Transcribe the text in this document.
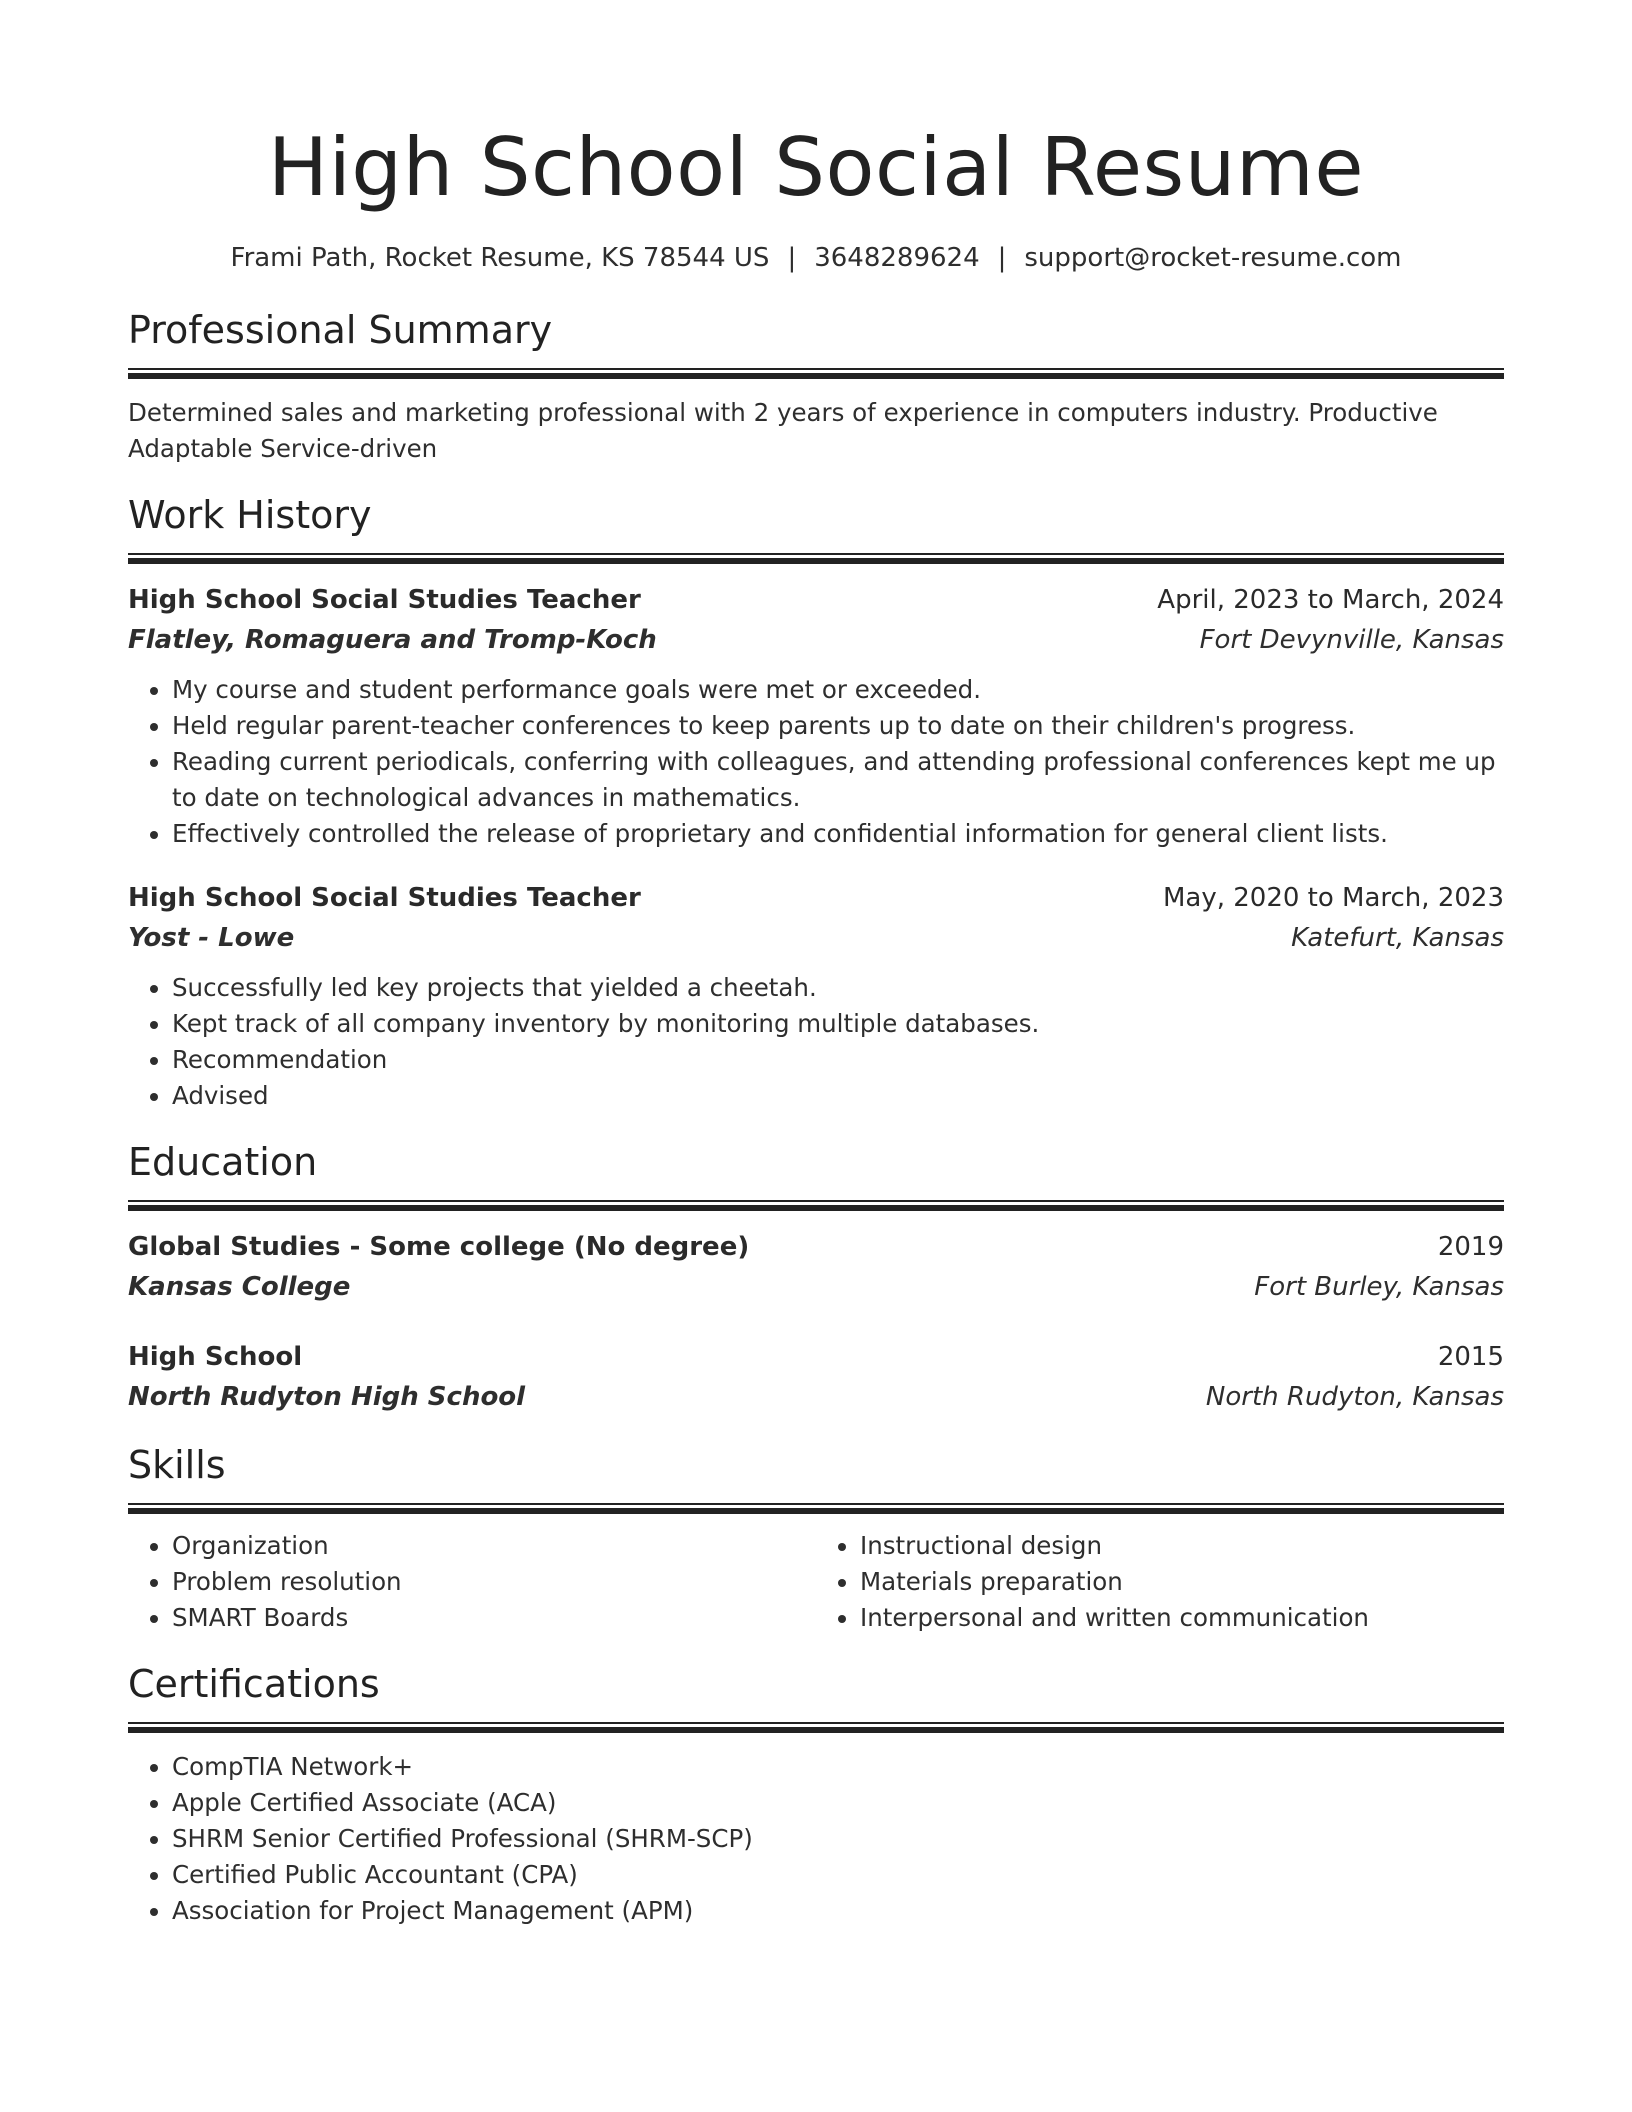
High School Social Resume
Frami Path, Rocket Resume, KS 78544 US | 3648289624 | support@rocket-resume.com
Professional Summary
Determined sales and marketing professional with 2 years of experience in computers industry. Productive Adaptable Service-driven
Work History
High School Social Studies Teacher	April, 2023 to March, 2024
Flatley, Romaguera and Tromp-Koch	Fort Devynville, Kansas
• My course and student performance goals were met or exceeded.
• Held regular parent-teacher conferences to keep parents up to date on their children's progress.
• Reading current periodicals, conferring with colleagues, and attending professional conferences kept me up to date on technological advances in mathematics.
• Effectively controlled the release of proprietary and confidential information for general client lists.
High School Social Studies Teacher	May, 2020 to March, 2023
Yost - Lowe	Katefurt, Kansas
• Successfully led key projects that yielded a cheetah.
• Kept track of all company inventory by monitoring multiple databases.
• Recommendation
• Advised
Education
Global Studies - Some college (No degree)	2019
Kansas College	Fort Burley, Kansas
High School	2015
North Rudyton High School	North Rudyton, Kansas
Skills
• Organization
• Problem resolution
• SMART Boards
• Instructional design
• Materials preparation
• Interpersonal and written communication
Certifications
• CompTIA Network+
• Apple Certified Associate (ACA)
• SHRM Senior Certified Professional (SHRM-SCP)
• Certified Public Accountant (CPA)
• Association for Project Management (APM)
